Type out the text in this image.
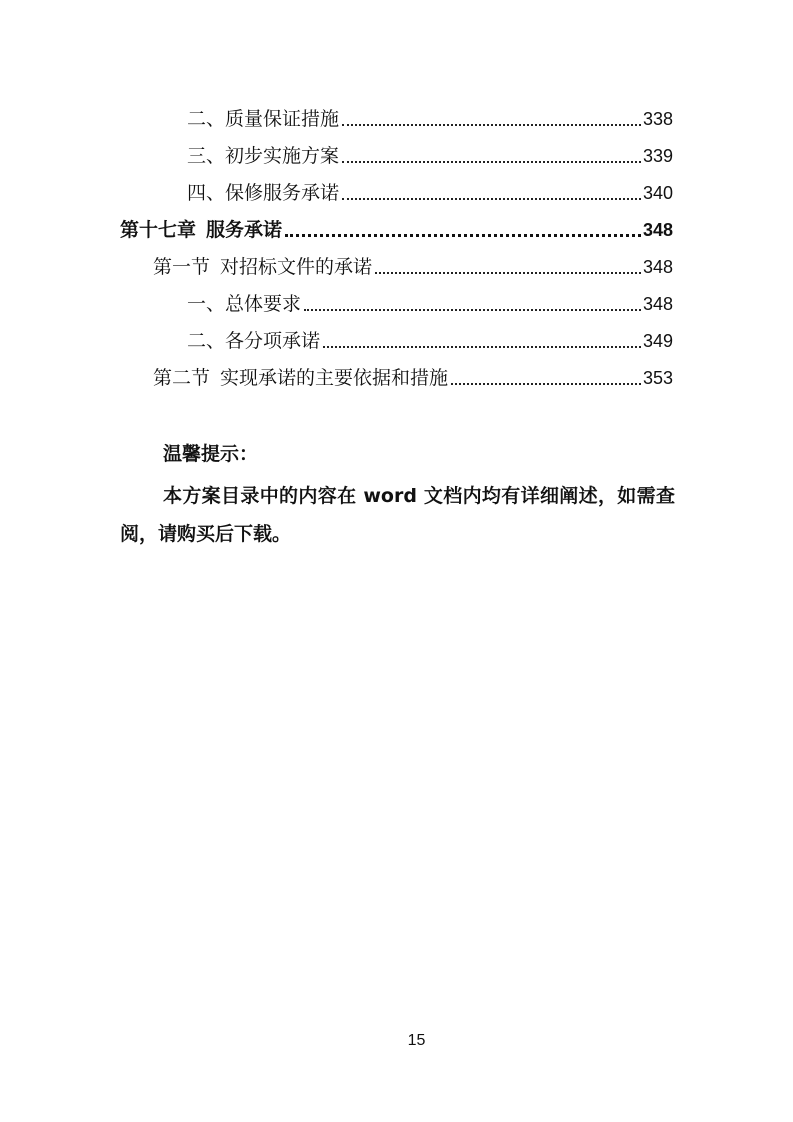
二、质量保证措施	338
三、初步实施方案	339
四、保修服务承诺	340
第十七章 服务承诺	348
第一节 对招标文件的承诺	348
一、总体要求	348
二、各分项承诺	349
第二节 实现承诺的主要依据和措施	353
温馨提示：
本方案目录中的内容在 word 文档内均有详细阐述，如需查阅，请购买后下载。
15
